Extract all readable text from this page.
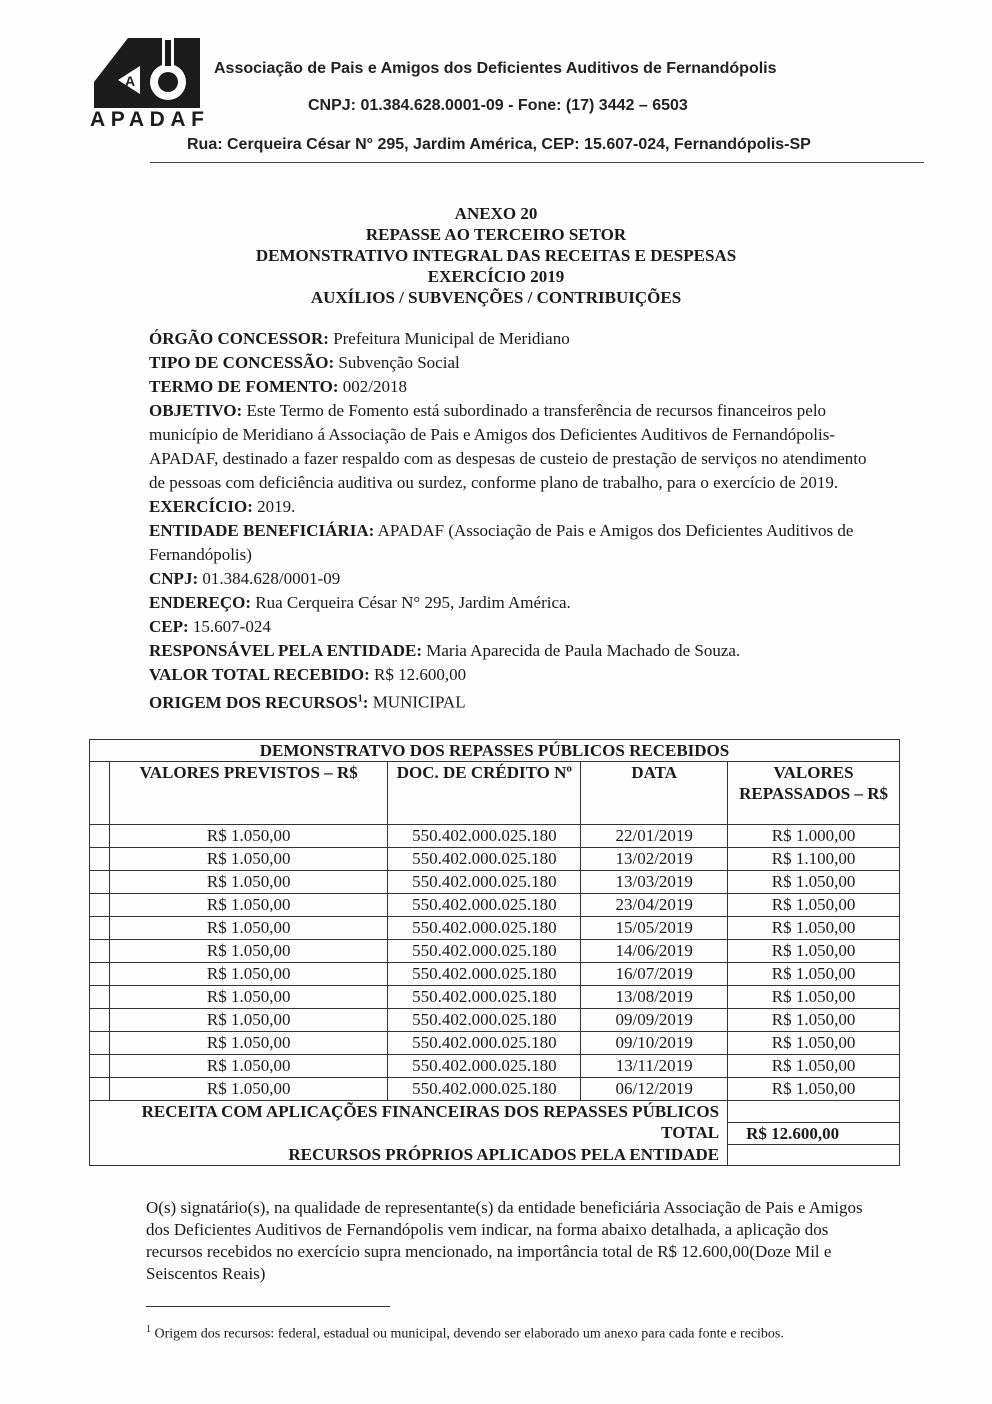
A
APADAF
Associação de Pais e Amigos dos Deficientes Auditivos de Fernandópolis
CNPJ: 01.384.628.0001-09 - Fone: (17) 3442 – 6503
Rua: Cerqueira César N° 295, Jardim América, CEP: 15.607-024, Fernandópolis-SP
ANEXO 20
REPASSE AO TERCEIRO SETOR
DEMONSTRATIVO INTEGRAL DAS RECEITAS E DESPESAS
EXERCÍCIO 2019
AUXÍLIOS / SUBVENÇÕES / CONTRIBUIÇÕES

ÓRGÃO CONCESSOR: Prefeitura Municipal de Meridiano

TIPO DE CONCESSÃO: Subvenção Social

TERMO DE FOMENTO: 002/2018

OBJETIVO: Este Termo de Fomento está subordinado a transferência de recursos financeiros pelo município de Meridiano á Associação de Pais e Amigos dos Deficientes Auditivos de Fernandópolis-APADAF, destinado a fazer respaldo com as despesas de custeio de prestação de serviços no atendimento de pessoas com deficiência auditiva ou surdez, conforme plano de trabalho, para o exercício de 2019.

EXERCÍCIO: 2019.

ENTIDADE BENEFICIÁRIA: APADAF (Associação de Pais e Amigos dos Deficientes Auditivos de Fernandópolis)

CNPJ: 01.384.628/0001-09

ENDEREÇO: Rua Cerqueira César N° 295, Jardim América.

CEP: 15.607-024

RESPONSÁVEL PELA ENTIDADE: Maria Aparecida de Paula Machado de Souza.

VALOR TOTAL RECEBIDO: R$ 12.600,00

ORIGEM DOS RECURSOS$^1$: MUNICIPAL

DEMONSTRATVO DOS REPASSES PÚBLICOS RECEBIDOS				
	VALORES PREVISTOS – R$	DOC. DE CRÉDITO Nº	DATA	VALORES REPASSADOS – R$
	R$ 1.050,00	550.402.000.025.180	22/01/2019	R$ 1.000,00
	R$ 1.050,00	550.402.000.025.180	13/02/2019	R$ 1.100,00
	R$ 1.050,00	550.402.000.025.180	13/03/2019	R$ 1.050,00
	R$ 1.050,00	550.402.000.025.180	23/04/2019	R$ 1.050,00
	R$ 1.050,00	550.402.000.025.180	15/05/2019	R$ 1.050,00
	R$ 1.050,00	550.402.000.025.180	14/06/2019	R$ 1.050,00
	R$ 1.050,00	550.402.000.025.180	16/07/2019	R$ 1.050,00
	R$ 1.050,00	550.402.000.025.180	13/08/2019	R$ 1.050,00
	R$ 1.050,00	550.402.000.025.180	09/09/2019	R$ 1.050,00
	R$ 1.050,00	550.402.000.025.180	09/10/2019	R$ 1.050,00
	R$ 1.050,00	550.402.000.025.180	13/11/2019	R$ 1.050,00
	R$ 1.050,00	550.402.000.025.180	06/12/2019	R$ 1.050,00
RECEITA COM APLICAÇÕES FINANCEIRAS DOS REPASSES PÚBLICOS				
TOTAL				R$ 12.600,00
RECURSOS PRÓPRIOS APLICADOS PELA ENTIDADE				
O(s) signatário(s), na qualidade de representante(s) da entidade beneficiária Associação de Pais e Amigos dos Deficientes Auditivos de Fernandópolis vem indicar, na forma abaixo detalhada, a aplicação dos recursos recebidos no exercício supra mencionado, na importância total de R$ 12.600,00(Doze Mil e Seiscentos Reais)
$^1$ Origem dos recursos: federal, estadual ou municipal, devendo ser elaborado um anexo para cada fonte e recibos.
